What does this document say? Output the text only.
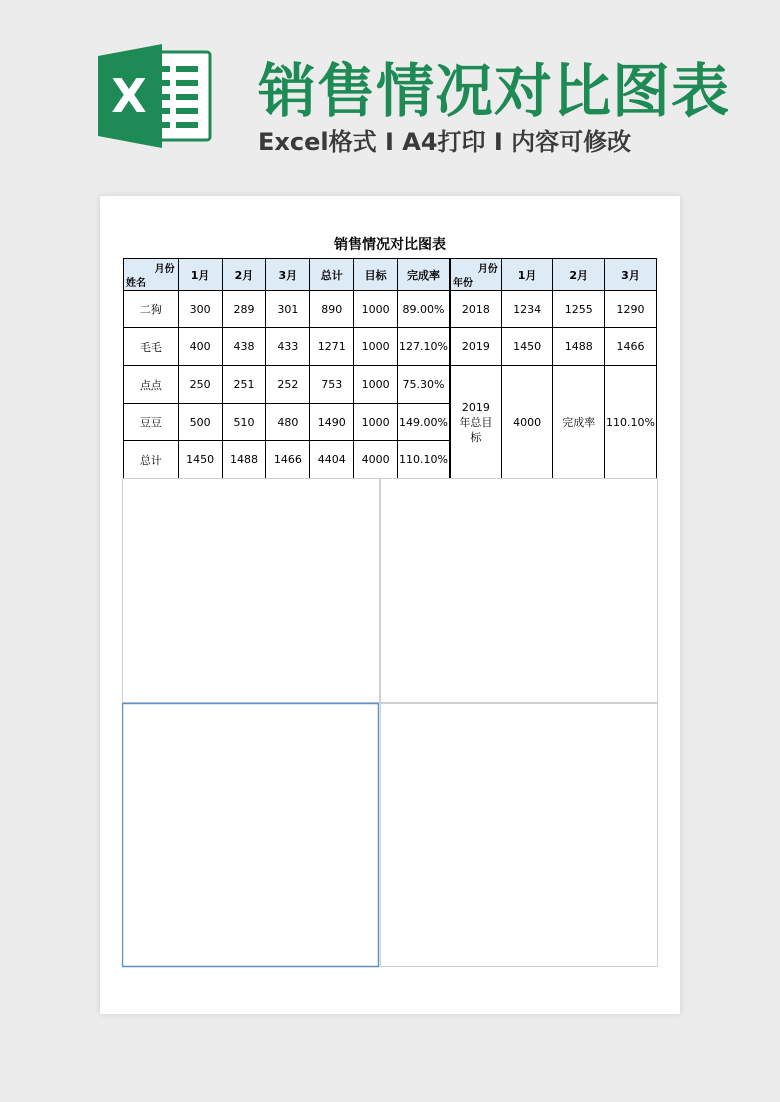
X 销售情况对比图表
Excel格式 I A4打印 I 内容可修改
销售情况对比图表
月份
姓名	1月	2月	3月	总计	目标	完成率
二狗	300	289	301	890	1000	89.00%
毛毛	400	438	433	1271	1000	127.10%
点点	250	251	252	753	1000	75.30%
豆豆	500	510	480	1490	1000	149.00%
总计	1450	1488	1466	4404	4000	110.10%
月份
年份	1月	2月	3月
2018	1234	1255	1290
2019	1450	1488	1466
2019年总目标	4000	完成率	110.10%
